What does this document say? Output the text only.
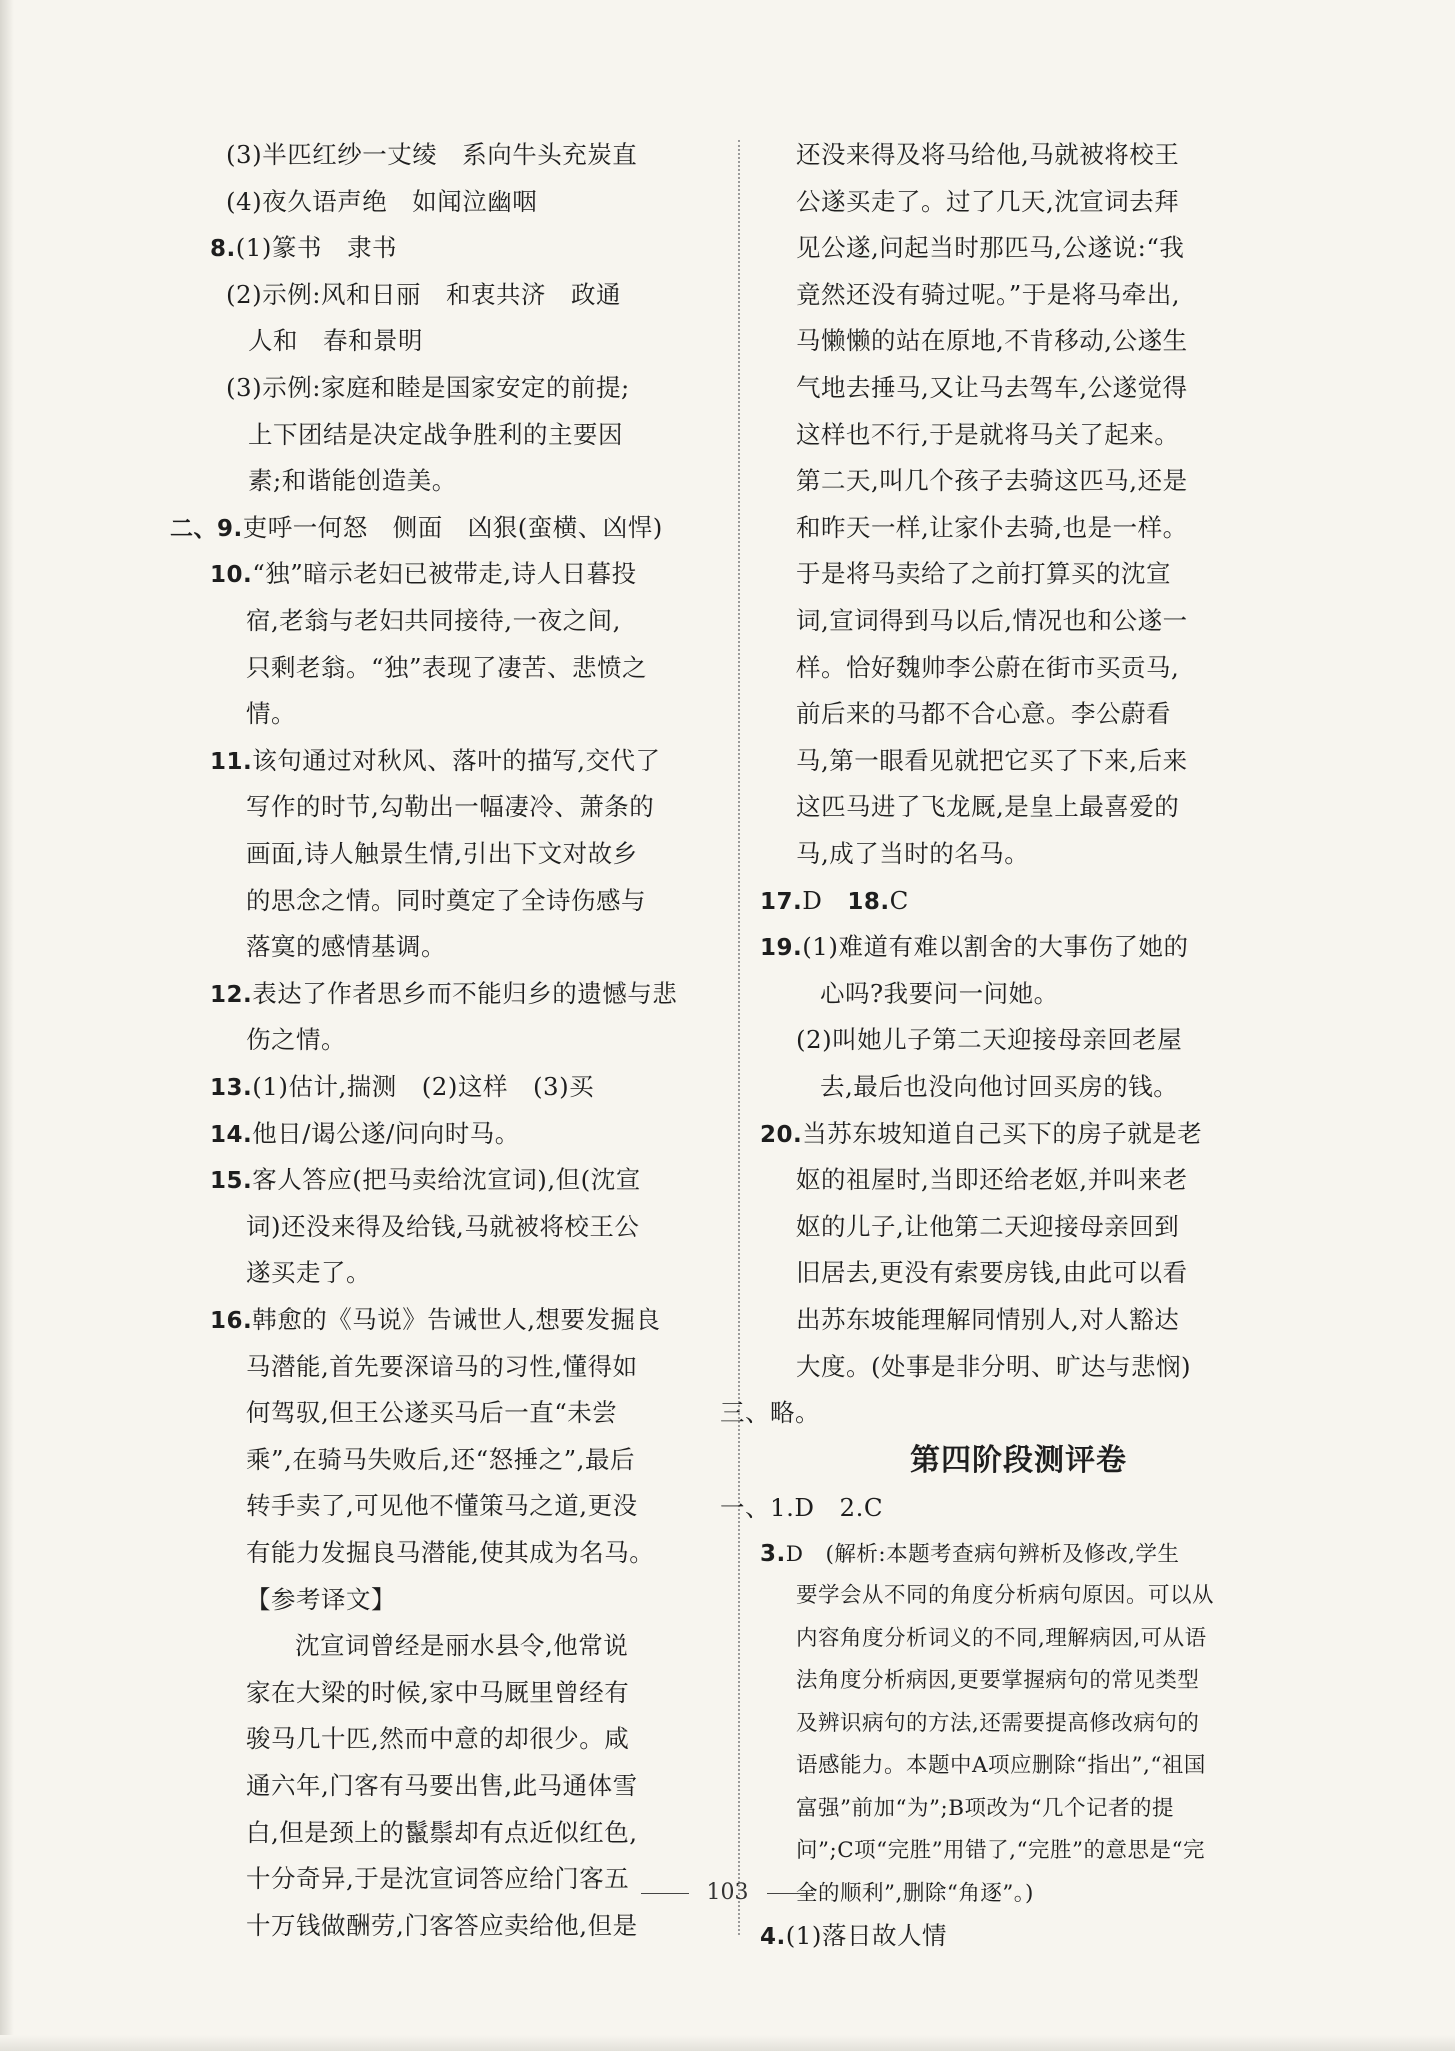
(3)半匹红纱一丈绫　系向牛头充炭直
(4)夜久语声绝　如闻泣幽咽
8.(1)篆书　隶书
(2)示例:风和日丽　和衷共济　政通
人和　春和景明
(3)示例:家庭和睦是国家安定的前提;
上下团结是决定战争胜利的主要因
素;和谐能创造美。
二、9.吏呼一何怒　侧面　凶狠(蛮横、凶悍)
10.“独”暗示老妇已被带走,诗人日暮投
宿,老翁与老妇共同接待,一夜之间,
只剩老翁。“独”表现了凄苦、悲愤之
情。
11.该句通过对秋风、落叶的描写,交代了
写作的时节,勾勒出一幅凄冷、萧条的
画面,诗人触景生情,引出下文对故乡
的思念之情。同时奠定了全诗伤感与
落寞的感情基调。
12.表达了作者思乡而不能归乡的遗憾与悲
伤之情。
13.(1)估计,揣测　(2)这样　(3)买
14.他日/谒公遂/问向时马。
15.客人答应(把马卖给沈宣词),但(沈宣
词)还没来得及给钱,马就被将校王公
遂买走了。
16.韩愈的《马说》告诫世人,想要发掘良
马潜能,首先要深谙马的习性,懂得如
何驾驭,但王公遂买马后一直“未尝
乘”,在骑马失败后,还“怒捶之”,最后
转手卖了,可见他不懂策马之道,更没
有能力发掘良马潜能,使其成为名马。
【参考译文】
沈宣词曾经是丽水县令,他常说
家在大梁的时候,家中马厩里曾经有
骏马几十匹,然而中意的却很少。咸
通六年,门客有马要出售,此马通体雪
白,但是颈上的鬣鬃却有点近似红色,
十分奇异,于是沈宣词答应给门客五
十万钱做酬劳,门客答应卖给他,但是
还没来得及将马给他,马就被将校王
公遂买走了。过了几天,沈宣词去拜
见公遂,问起当时那匹马,公遂说:“我
竟然还没有骑过呢。”于是将马牵出,
马懒懒的站在原地,不肯移动,公遂生
气地去捶马,又让马去驾车,公遂觉得
这样也不行,于是就将马关了起来。
第二天,叫几个孩子去骑这匹马,还是
和昨天一样,让家仆去骑,也是一样。
于是将马卖给了之前打算买的沈宣
词,宣词得到马以后,情况也和公遂一
样。恰好魏帅李公蔚在街市买贡马,
前后来的马都不合心意。李公蔚看
马,第一眼看见就把它买了下来,后来
这匹马进了飞龙厩,是皇上最喜爱的
马,成了当时的名马。
17.D　18.C
19.(1)难道有难以割舍的大事伤了她的
心吗?我要问一问她。
(2)叫她儿子第二天迎接母亲回老屋
去,最后也没向他讨回买房的钱。
20.当苏东坡知道自己买下的房子就是老
妪的祖屋时,当即还给老妪,并叫来老
妪的儿子,让他第二天迎接母亲回到
旧居去,更没有索要房钱,由此可以看
出苏东坡能理解同情别人,对人豁达
大度。(处事是非分明、旷达与悲悯)
三、略。
第四阶段测评卷
一、1.D　2.C
3.D　(解析:本题考查病句辨析及修改,学生
要学会从不同的角度分析病句原因。可以从
内容角度分析词义的不同,理解病因,可从语
法角度分析病因,更要掌握病句的常见类型
及辨识病句的方法,还需要提高修改病句的
语感能力。本题中A项应删除“指出”,“祖国
富强”前加“为”;B项改为“几个记者的提
问”;C项“完胜”用错了,“完胜”的意思是“完
全的顺利”,删除“角逐”。)
4.(1)落日故人情
103
